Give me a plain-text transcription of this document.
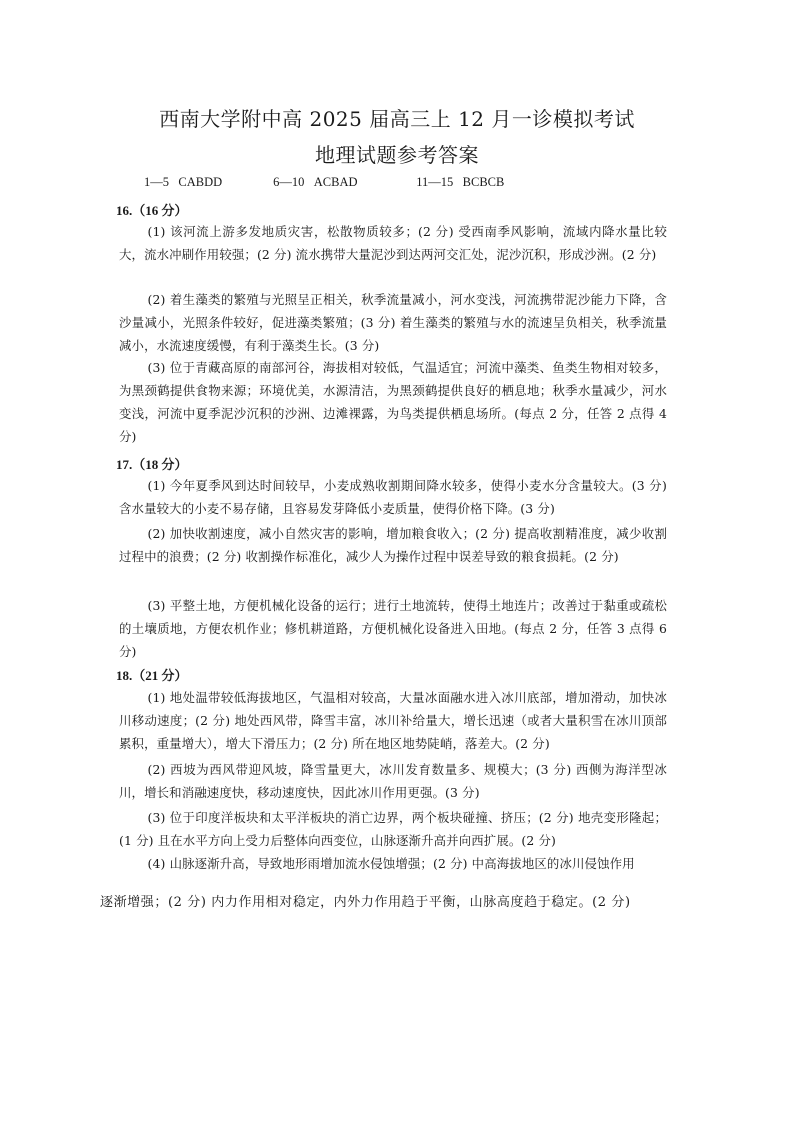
西南大学附中高 2025 届高三上 12 月一诊模拟考试
地理试题参考答案
1—5 CABDD	6—10 ACBAD	11—15 BCBCB
16.（16 分）
(1) 该河流上游多发地质灾害，松散物质较多；(2 分) 受西南季风影响，流域内降水量比较大，流水冲刷作用较强；(2 分) 流水携带大量泥沙到达两河交汇处，泥沙沉积，形成沙洲。(2 分)
(2) 着生藻类的繁殖与光照呈正相关，秋季流量减小，河水变浅，河流携带泥沙能力下降，含沙量减小，光照条件较好，促进藻类繁殖；(3 分) 着生藻类的繁殖与水的流速呈负相关，秋季流量减小，水流速度缓慢，有利于藻类生长。(3 分)
(3) 位于青藏高原的南部河谷，海拔相对较低，气温适宜；河流中藻类、鱼类生物相对较多，为黑颈鹤提供食物来源；环境优美，水源清洁，为黑颈鹤提供良好的栖息地；秋季水量减少，河水变浅，河流中夏季泥沙沉积的沙洲、边滩裸露，为鸟类提供栖息场所。(每点 2 分，任答 2 点得 4 分)
17.（18 分）
(1) 今年夏季风到达时间较早，小麦成熟收割期间降水较多，使得小麦水分含量较大。(3 分) 含水量较大的小麦不易存储，且容易发芽降低小麦质量，使得价格下降。(3 分)
(2) 加快收割速度，减小自然灾害的影响，增加粮食收入；(2 分) 提高收割精准度，减少收割过程中的浪费；(2 分) 收割操作标准化，减少人为操作过程中误差导致的粮食损耗。(2 分)
(3) 平整土地，方便机械化设备的运行；进行土地流转，使得土地连片；改善过于黏重或疏松的土壤质地，方便农机作业；修机耕道路，方便机械化设备进入田地。(每点 2 分，任答 3 点得 6 分)
18.（21 分）
(1) 地处温带较低海拔地区，气温相对较高，大量冰面融水进入冰川底部，增加滑动，加快冰川移动速度；(2 分) 地处西风带，降雪丰富，冰川补给量大，增长迅速（或者大量积雪在冰川顶部累积，重量增大），增大下滑压力；(2 分) 所在地区地势陡峭，落差大。(2 分)
(2) 西坡为西风带迎风坡，降雪量更大，冰川发育数量多、规模大；(3 分) 西侧为海洋型冰川，增长和消融速度快，移动速度快，因此冰川作用更强。(3 分)
(3) 位于印度洋板块和太平洋板块的消亡边界，两个板块碰撞、挤压；(2 分) 地壳变形隆起；(1 分) 且在水平方向上受力后整体向西变位，山脉逐渐升高并向西扩展。(2 分)
(4) 山脉逐渐升高，导致地形雨增加流水侵蚀增强；(2 分) 中高海拔地区的冰川侵蚀作用
逐渐增强；(2 分) 内力作用相对稳定，内外力作用趋于平衡，山脉高度趋于稳定。(2 分)
